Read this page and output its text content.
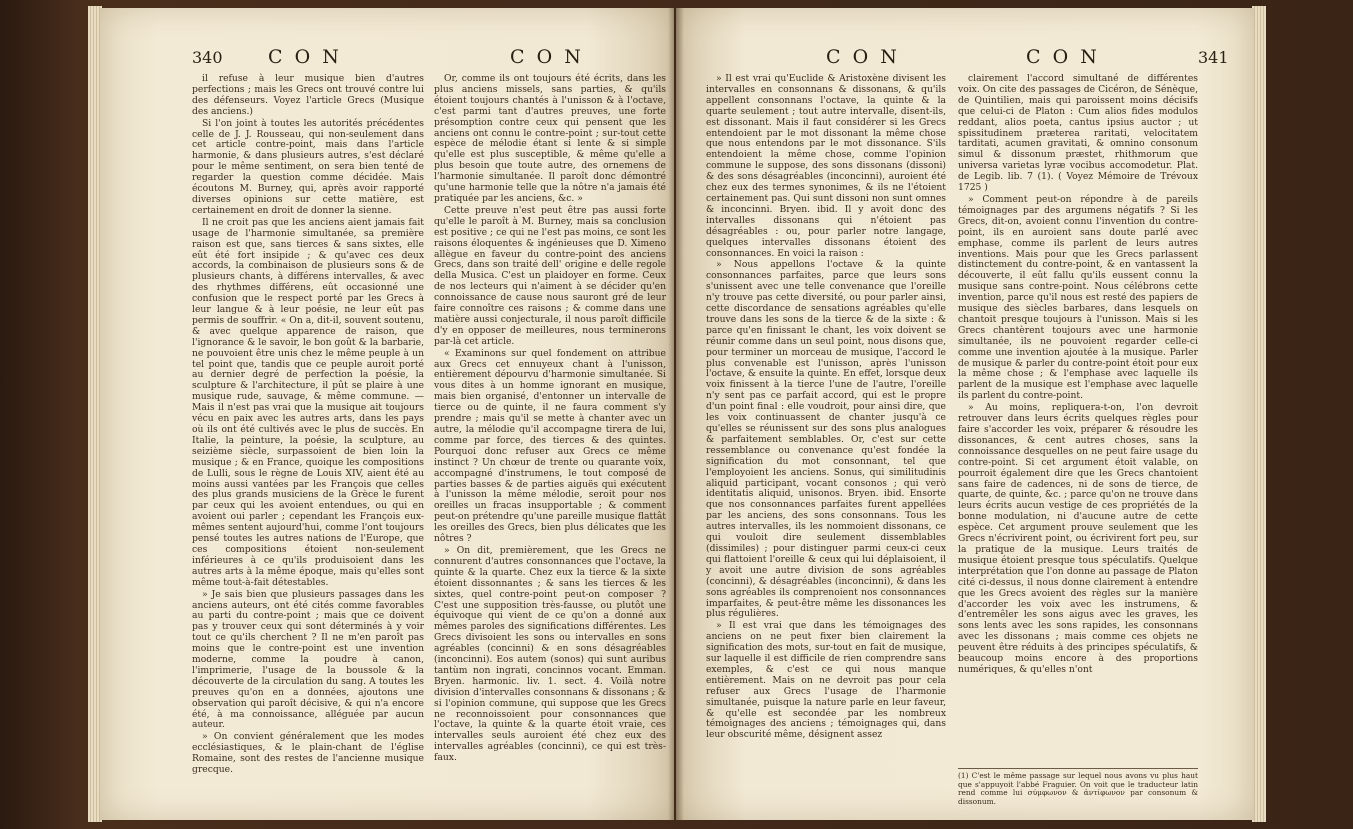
340 C O N	C O N

il refuse à leur musique bien d'autres perfections ; mais les Grecs ont trouvé contre lui des défenseurs. Voyez l'article Grecs (Musique des anciens.)

Si l'on joint à toutes les autorités précédentes celle de J. J. Rousseau, qui non-seulement dans cet article contre-point, mais dans l'article harmonie, & dans plusieurs autres, s'est déclaré pour le même sentiment, on sera bien tenté de regarder la question comme décidée. Mais écoutons M. Burney, qui, après avoir rapporté diverses opinions sur cette matière, est certainement en droit de donner la sienne.

Il ne croit pas que les anciens aient jamais fait usage de l'harmonie simultanée, sa première raison est que, sans tierces & sans sixtes, elle eût été fort insipide ; & qu'avec ces deux accords, la combinaison de plusieurs sons & de plusieurs chants, à différens intervalles, & avec des rhythmes différens, eût occasionné une confusion que le respect porté par les Grecs à leur langue & à leur poésie, ne leur eût pas permis de souffrir. « On a, dit-il, souvent soutenu, & avec quelque apparence de raison, que l'ignorance & le savoir, le bon goût & la barbarie, ne pouvoient être unis chez le même peuple à un tel point que, tandis que ce peuple auroit porté au dernier degré de perfection la poésie, la sculpture & l'architecture, il pût se plaire à une musique rude, sauvage, & même commune. — Mais il n'est pas vrai que la musique ait toujours vécu en paix avec les autres arts, dans les pays où ils ont été cultivés avec le plus de succès. En Italie, la peinture, la poésie, la sculpture, au seizième siècle, surpassoient de bien loin la musique ; & en France, quoique les compositions de Lulli, sous le règne de Louis XIV, aient été au moins aussi vantées par les François que celles des plus grands musiciens de la Grèce le furent par ceux qui les avoient entendues, ou qui en avoient oui parler ; cependant les François eux-mêmes sentent aujourd'hui, comme l'ont toujours pensé toutes les autres nations de l'Europe, que ces compositions étoient non-seulement inférieures à ce qu'ils produisoient dans les autres arts à la même époque, mais qu'elles sont même tout-à-fait détestables.

» Je sais bien que plusieurs passages dans les anciens auteurs, ont été cités comme favorables au parti du contre-point ; mais que ce doivent pas y trouver ceux qui sont déterminés à y voir tout ce qu'ils cherchent ? Il ne m'en paroît pas moins que le contre-point est une invention moderne, comme la poudre à canon, l'imprimerie, l'usage de la boussole & la découverte de la circulation du sang. A toutes les preuves qu'on en a données, ajoutons une observation qui paroît décisive, & qui n'a encore été, à ma connoissance, alléguée par aucun auteur.

» On convient généralement que les modes ecclésiastiques, & le plain-chant de l'église Romaine, sont des restes de l'ancienne musique grecque.

Or, comme ils ont toujours été écrits, dans les plus anciens missels, sans parties, & qu'ils étoient toujours chantés à l'unisson & à l'octave, c'est parmi tant d'autres preuves, une forte présomption contre ceux qui pensent que les anciens ont connu le contre-point ; sur-tout cette espèce de mélodie étant si lente & si simple qu'elle est plus susceptible, & même qu'elle a plus besoin que toute autre, des ornemens de l'harmonie simultanée. Il paroît donc démontré qu'une harmonie telle que la nôtre n'a jamais été pratiquée par les anciens, &c. »

Cette preuve n'est peut être pas aussi forte qu'elle le paroît à M. Burney, mais sa conclusion est positive ; ce qui ne l'est pas moins, ce sont les raisons éloquentes & ingénieuses que D. Ximeno allègue en faveur du contre-point des anciens Grecs, dans son traité dell' origine e delle regole della Musica. C'est un plaidoyer en forme. Ceux de nos lecteurs qui n'aiment à se décider qu'en connoissance de cause nous sauront gré de leur faire connoître ces raisons ; & comme dans une matière aussi conjecturale, il nous paroît difficile d'y en opposer de meilleures, nous terminerons par-là cet article.

« Examinons sur quel fondement on attribue aux Grecs cet ennuyeux chant à l'unisson, entièrement dépourvu d'harmonie simultanée. Si vous dites à un homme ignorant en musique, mais bien organisé, d'entonner un intervalle de tierce ou de quinte, il ne faura comment s'y prendre ; mais qu'il se mette à chanter avec un autre, la mélodie qu'il accompagne tirera de lui, comme par force, des tierces & des quintes. Pourquoi donc refuser aux Grecs ce même instinct ? Un chœur de trente ou quarante voix, accompagné d'instrumens, le tout composé de parties basses & de parties aiguës qui exécutent à l'unisson la même mélodie, seroit pour nos oreilles un fracas insupportable ; & comment peut-on prétendre qu'une pareille musique flattât les oreilles des Grecs, bien plus délicates que les nôtres ?

» On dit, premièrement, que les Grecs ne connurent d'autres consonnances que l'octave, la quinte & la quarte. Chez eux la tierce & la sixte étoient dissonnantes ; & sans les tierces & les sixtes, quel contre-point peut-on composer ? C'est une supposition très-fausse, ou plutôt une équivoque qui vient de ce qu'on a donné aux mêmes paroles des significations différentes. Les Grecs divisoient les sons ou intervalles en sons agréables (concinni) & en sons désagréables (inconcinni). Eos autem (sonos) qui sunt auribus tantùm non ingrati, concinnos vocant. Emman. Bryen. harmonic. liv. 1. sect. 4. Voilà notre division d'intervalles consonnans & dissonans ; & si l'opinion commune, qui suppose que les Grecs ne reconnoissoient pour consonnances que l'octave, la quinte & la quarte étoit vraie, ces intervalles seuls auroient été chez eux des intervalles agréables (concinni), ce qui est très-faux.

C O N	C O N	341

» Il est vrai qu'Euclide & Aristoxène divisent les intervalles en consonnans & dissonans, & qu'ils appellent consonnans l'octave, la quinte & la quarte seulement ; tout autre intervalle, disent-ils, est dissonant. Mais il faut considérer si les Grecs entendoient par le mot dissonant la même chose que nous entendons par le mot dissonance. S'ils entendoient la même chose, comme l'opinion commune le suppose, des sons dissonans (dissoni) & des sons désagréables (inconcinni), auroient été chez eux des termes synonimes, & ils ne l'étoient certainement pas. Qui sunt dissoni non sunt omnes & inconcinni. Bryen. ibid. Il y avoit donc des intervalles dissonans qui n'étoient pas désagréables : ou, pour parler notre langage, quelques intervalles dissonans étoient des consonnances. En voici la raison :

» Nous appellons l'octave & la quinte consonnances parfaites, parce que leurs sons s'unissent avec une telle convenance que l'oreille n'y trouve pas cette diversité, ou pour parler ainsi, cette discordance de sensations agréables qu'elle trouve dans les sons de la tierce & de la sixte : & parce qu'en finissant le chant, les voix doivent se réunir comme dans un seul point, nous disons que, pour terminer un morceau de musique, l'accord le plus convenable est l'unisson, après l'unisson l'octave, & ensuite la quinte. En effet, lorsque deux voix finissent à la tierce l'une de l'autre, l'oreille n'y sent pas ce parfait accord, qui est le propre d'un point final : elle voudroit, pour ainsi dire, que les voix continuassent de chanter jusqu'à ce qu'elles se réunissent sur des sons plus analogues & parfaitement semblables. Or, c'est sur cette ressemblance ou convenance qu'est fondée la signification du mot consonnant, tel que l'employoient les anciens. Sonus, qui similitudinis aliquid participant, vocant consonos ; qui verò identitatis aliquid, unisonos. Bryen. ibid. Ensorte que nos consonnances parfaites furent appellées par les anciens, des sons consonnans. Tous les autres intervalles, ils les nommoient dissonans, ce qui vouloit dire seulement dissemblables (dissimiles) ; pour distinguer parmi ceux-ci ceux qui flattoient l'oreille & ceux qui lui déplaisoient, il y avoit une autre division de sons agréables (concinni), & désagréables (inconcinni), & dans les sons agréables ils comprenoient nos consonnances imparfaites, & peut-être même les dissonances les plus régulières.

» Il est vrai que dans les témoignages des anciens on ne peut fixer bien clairement la signification des mots, sur-tout en fait de musique, sur laquelle il est difficile de rien comprendre sans exemples, & c'est ce qui nous manque entièrement. Mais on ne devroit pas pour cela refuser aux Grecs l'usage de l'harmonie simultanée, puisque la nature parle en leur faveur, & qu'elle est secondée par les nombreux témoignages des anciens ; témoignages qui, dans leur obscurité même, désignent assez

clairement l'accord simultané de différentes voix. On cite des passages de Cicéron, de Sénèque, de Quintilien, mais qui paroissent moins décisifs que celui-ci de Platon : Cum alios fides modulos reddant, alios poeta, cantus ipsius auctor ; ut spissitudinem præterea raritati, velocitatem tarditati, acumen gravitati, & omnino consonum simul & dissonum præstet, rhithmorum que universa varietas lyræ vocibus accomodetur. Plat. de Legib. lib. 7 (1). ( Voyez Mémoire de Trévoux 1725 )

» Comment peut-on répondre à de pareils témoignages par des argumens négatifs ? Si les Grecs, dit-on, avoient connu l'invention du contre-point, ils en auroient sans doute parlé avec emphase, comme ils parlent de leurs autres inventions. Mais pour que les Grecs parlassent distinctement du contre-point, & en vantassent la découverte, il eût fallu qu'ils eussent connu la musique sans contre-point. Nous célébrons cette invention, parce qu'il nous est resté des papiers de musique des siècles barbares, dans lesquels on chantoit presque toujours à l'unisson. Mais si les Grecs chantèrent toujours avec une harmonie simultanée, ils ne pouvoient regarder celle-ci comme une invention ajoutée à la musique. Parler de musique & parler du contre-point étoit pour eux la même chose ; & l'emphase avec laquelle ils parlent de la musique est l'emphase avec laquelle ils parlent du contre-point.

» Au moins, repliquera-t-on, l'on devroit retrouver dans leurs écrits quelques règles pour faire s'accorder les voix, préparer & résoudre les dissonances, & cent autres choses, sans la connoissance desquelles on ne peut faire usage du contre-point. Si cet argument étoit valable, on pourroit également dire que les Grecs chantoient sans faire de cadences, ni de sons de tierce, de quarte, de quinte, &c. ; parce qu'on ne trouve dans leurs écrits aucun vestige de ces propriétés de la bonne modulation, ni d'aucune autre de cette espèce. Cet argument prouve seulement que les Grecs n'écrivirent point, ou écrivirent fort peu, sur la pratique de la musique. Leurs traités de musique étoient presque tous spéculatifs. Quelque interprétation que l'on donne au passage de Platon cité ci-dessus, il nous donne clairement à entendre que les Grecs avoient des règles sur la manière d'accorder les voix avec les instrumens, & d'entremêler les sons aigus avec les graves, les sons lents avec les sons rapides, les consonnans avec les dissonans ; mais comme ces objets ne peuvent être réduits à des principes spéculatifs, & beaucoup moins encore à des proportions numériques, & qu'elles n'ont

(1) C'est le même passage sur lequel nous avons vu plus haut que s'appuyoit l'abbé Fraguier. On voit que le traducteur latin rend comme lui σύμφωνον & ἀντίφωνον par consonum & dissonum.
